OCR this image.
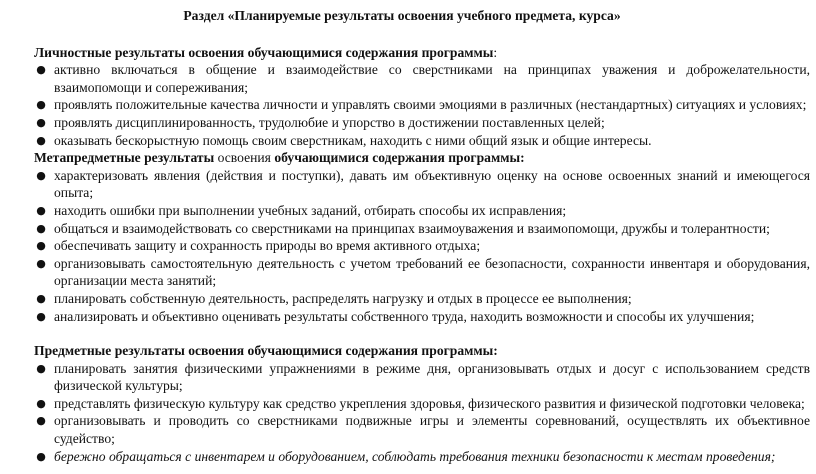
Раздел «Планируемые результаты освоения учебного предмета, курса»

Личностные результаты освоения обучающимися содержания программы:

● активно включаться в общение и взаимодействие со сверстниками на принципах уважения и доброжелательности, взаимопомощи и сопереживания;
● проявлять положительные качества личности и управлять своими эмоциями в различных (нестандартных) ситуациях и условиях;
● проявлять дисциплинированность, трудолюбие и упорство в достижении поставленных целей;
● оказывать бескорыстную помощь своим сверстникам, находить с ними общий язык и общие интересы.

Метапредметные результаты освоения обучающимися содержания программы:

● характеризовать явления (действия и поступки), давать им объективную оценку на основе освоенных знаний и имеющегося опыта;
● находить ошибки при выполнении учебных заданий, отбирать способы их исправления;
● общаться и взаимодействовать со сверстниками на принципах взаимоуважения и взаимопомощи, дружбы и толерантности;
● обеспечивать защиту и сохранность природы во время активного отдыха;
● организовывать самостоятельную деятельность с учетом требований ее безопасности, сохранности инвентаря и оборудования, организации места занятий;
● планировать собственную деятельность, распределять нагрузку и отдых в процессе ее выполнения;
● анализировать и объективно оценивать результаты собственного труда, находить возможности и способы их улучшения;

Предметные результаты освоения обучающимися содержания программы:

● планировать занятия физическими упражнениями в режиме дня, организовывать отдых и досуг с использованием средств физической культуры;
● представлять физическую культуру как средство укрепления здоровья, физического развития и физической подготовки человека;
● организовывать и проводить со сверстниками подвижные игры и элементы соревнований, осуществлять их объективное судейство;
● бережно обращаться с инвентарем и оборудованием, соблюдать требования техники безопасности к местам проведения;
